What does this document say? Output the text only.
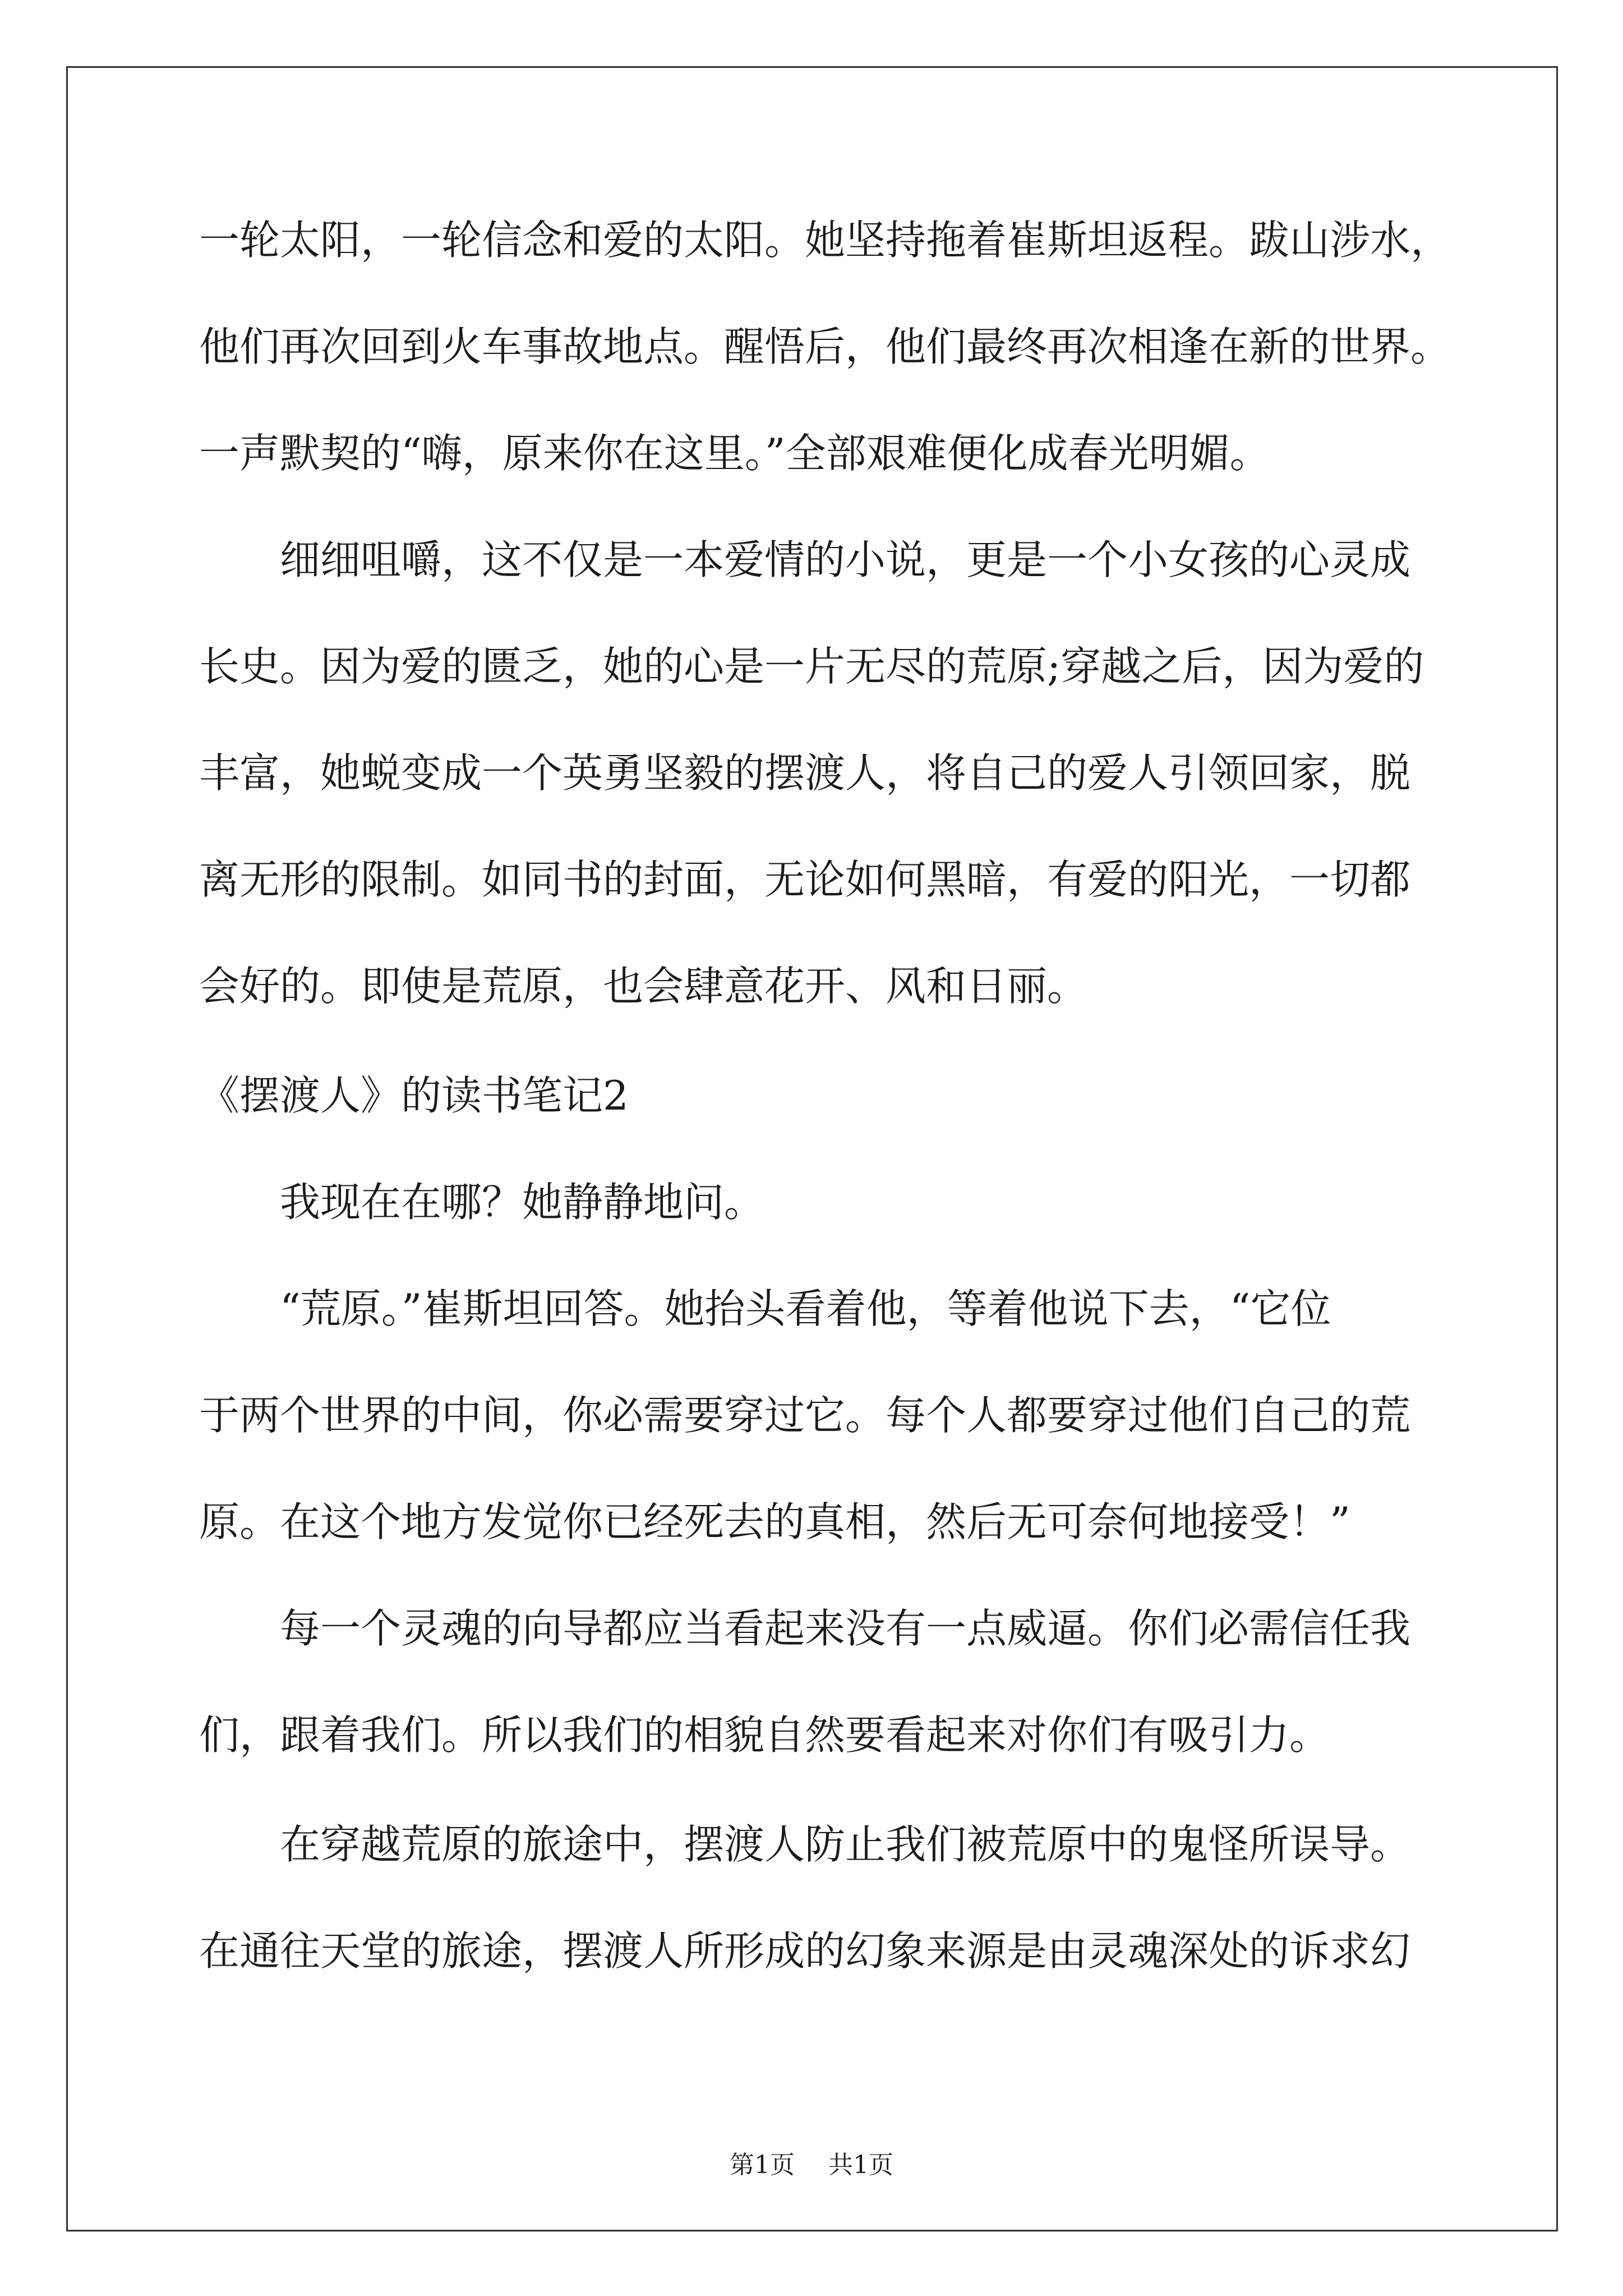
一轮太阳，一轮信念和爱的太阳。她坚持拖着崔斯坦返程。跋山涉水，
他们再次回到火车事故地点。醒悟后，他们最终再次相逢在新的世界。
一声默契的“嗨，原来你在这里。”全部艰难便化成春光明媚。
　　细细咀嚼，这不仅是一本爱情的小说，更是一个小女孩的心灵成
长史。因为爱的匮乏，她的心是一片无尽的荒原;穿越之后，因为爱的
丰富，她蜕变成一个英勇坚毅的摆渡人，将自己的爱人引领回家，脱
离无形的限制。如同书的封面，无论如何黑暗，有爱的阳光，一切都
会好的。即使是荒原，也会肆意花开、风和日丽。
《摆渡人》的读书笔记2
　　我现在在哪？她静静地问。
　　“荒原。”崔斯坦回答。她抬头看着他，等着他说下去，“它位
于两个世界的中间，你必需要穿过它。每个人都要穿过他们自己的荒
原。在这个地方发觉你已经死去的真相，然后无可奈何地接受！”
　　每一个灵魂的向导都应当看起来没有一点威逼。你们必需信任我
们，跟着我们。所以我们的相貌自然要看起来对你们有吸引力。
　　在穿越荒原的旅途中，摆渡人防止我们被荒原中的鬼怪所误导。
在通往天堂的旅途，摆渡人所形成的幻象来源是由灵魂深处的诉求幻
第1页 共1页
